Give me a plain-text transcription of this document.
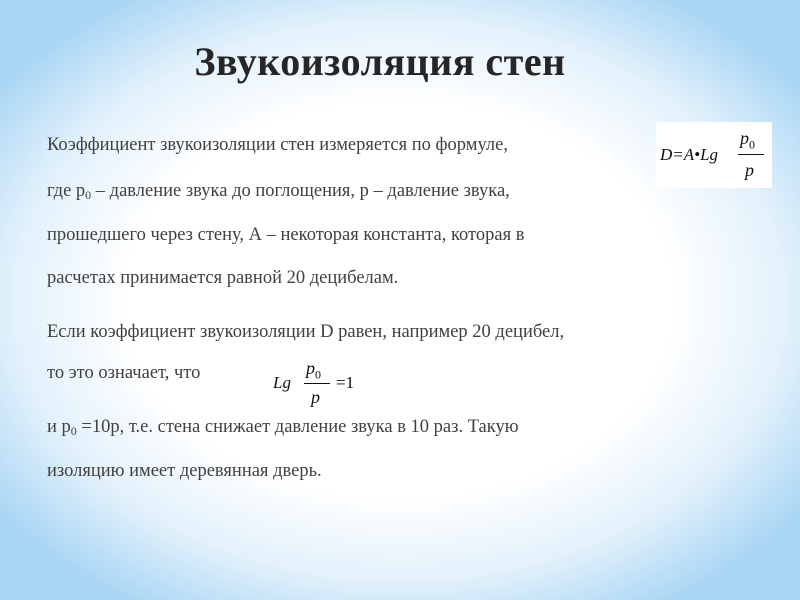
Звукоизоляция стен
Коэффициент звукоизоляции стен измеряется по формуле,
где р0 – давление звука до поглощения, р – давление звука,
прошедшего через стену, А – некоторая константа, которая в
расчетах принимается равной 20 децибелам.
Если коэффициент звукоизоляции D равен, например 20 децибел,
то это означает, что
и р0 =10р, т.е. стена снижает давление звука в 10 раз. Такую
изоляцию имеет деревянная дверь.
D=A•Lg
$p_0$
p
Lg
$p_0$
p
=1
